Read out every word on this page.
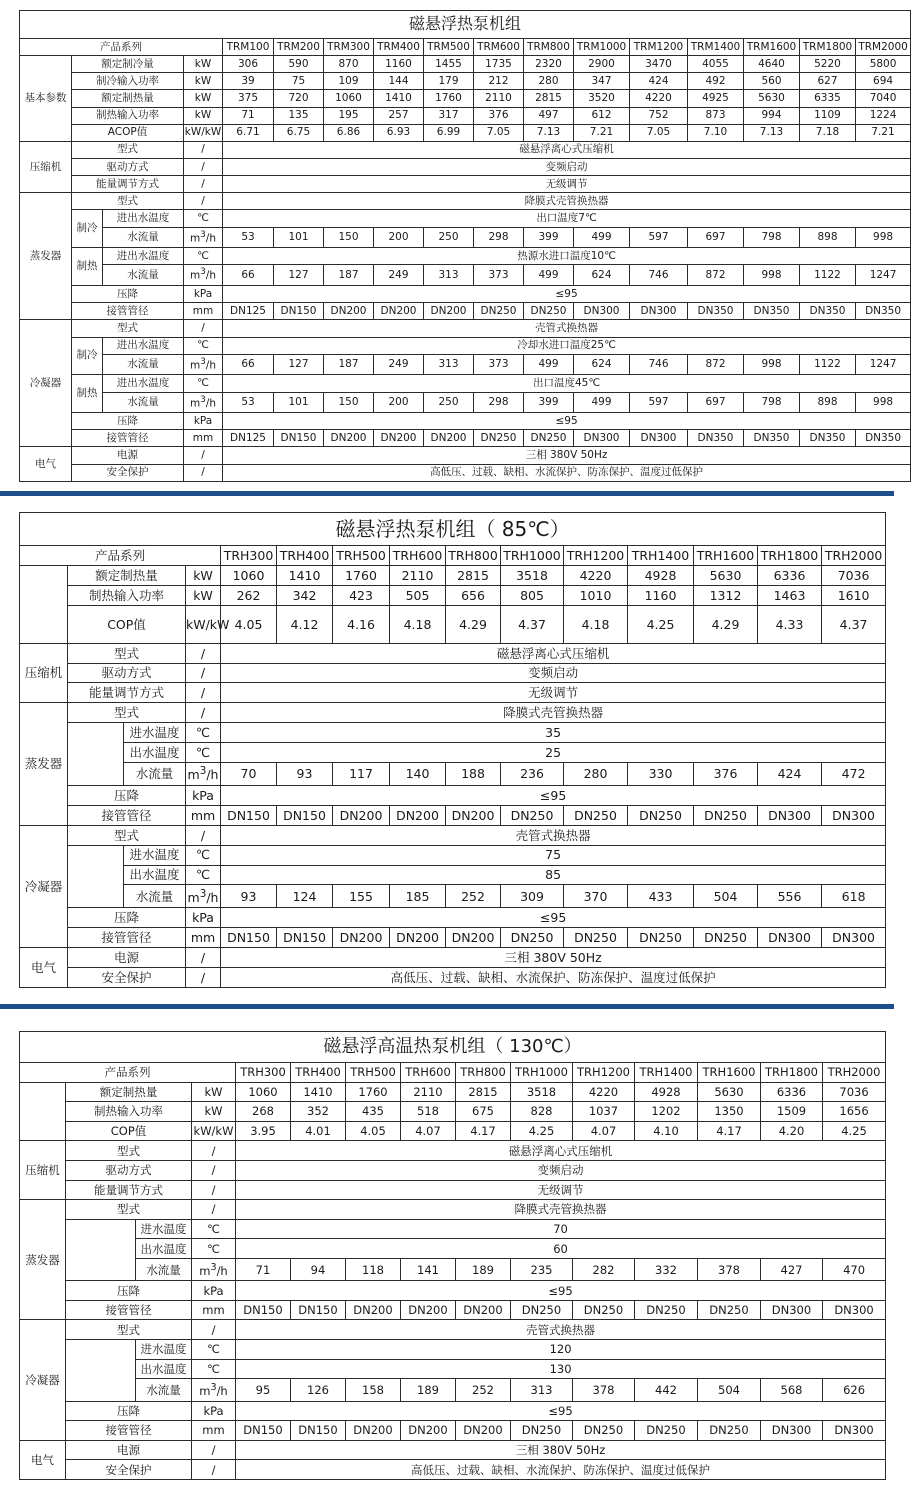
磁悬浮热泵机组																
产品系列				TRM100	TRM200	TRM300	TRM400	TRM500	TRM600	TRM800	TRM1000	TRM1200	TRM1400	TRM1600	TRM1800	TRM2000
基本参数	额定制冷量		kW	306	590	870	1160	1455	1735	2320	2900	3470	4055	4640	5220	5800
	制冷输入功率		kW	39	75	109	144	179	212	280	347	424	492	560	627	694
	额定制热量		kW	375	720	1060	1410	1760	2110	2815	3520	4220	4925	5630	6335	7040
	制热输入功率		kW	71	135	195	257	317	376	497	612	752	873	994	1109	1224
	ACOP值		kW/kW	6.71	6.75	6.86	6.93	6.99	7.05	7.13	7.21	7.05	7.10	7.13	7.18	7.21
压缩机	型式		/	磁悬浮离心式压缩机												
	驱动方式		/	变频启动												
	能量调节方式		/	无级调节												
蒸发器	型式		/	降膜式壳管换热器												
	制冷	进出水温度	℃	出口温度7℃												
		水流量	$m^3/h$	53	101	150	200	250	298	399	499	597	697	798	898	998
	制热	进出水温度	℃	热源水进口温度10℃												
		水流量	$m^3/h$	66	127	187	249	313	373	499	624	746	872	998	1122	1247
	压降		kPa	≤95												
	接管管径		mm	DN125	DN150	DN200	DN200	DN200	DN250	DN250	DN300	DN300	DN350	DN350	DN350	DN350
冷凝器	型式		/	壳管式换热器												
	制冷	进出水温度	℃	冷却水进口温度25℃												
		水流量	$m^3/h$	66	127	187	249	313	373	499	624	746	872	998	1122	1247
	制热	进出水温度	℃	出口温度45℃												
		水流量	$m^3/h$	53	101	150	200	250	298	399	499	597	697	798	898	998
	压降		kPa	≤95												
	接管管径		mm	DN125	DN150	DN200	DN200	DN200	DN250	DN250	DN300	DN300	DN350	DN350	DN350	DN350
电气	电源		/	三相 380V 50Hz												
	安全保护		/	高低压、过载、缺相、水流保护、防冻保护、温度过低保护												
磁悬浮热泵机组（ 85℃）														
产品系列				TRH300	TRH400	TRH500	TRH600	TRH800	TRH1000	TRH1200	TRH1400	TRH1600	TRH1800	TRH2000
	额定制热量		kW	1060	1410	1760	2110	2815	3518	4220	4928	5630	6336	7036
	制热输入功率		kW	262	342	423	505	656	805	1010	1160	1312	1463	1610
	COP值		kW/kW	4.05	4.12	4.16	4.18	4.29	4.37	4.18	4.25	4.29	4.33	4.37
压缩机	型式		/	磁悬浮离心式压缩机										
	驱动方式		/	变频启动										
	能量调节方式		/	无级调节										
蒸发器	型式		/	降膜式壳管换热器										
		进水温度	℃	35										
		出水温度	℃	25										
		水流量	$m^3/h$	70	93	117	140	188	236	280	330	376	424	472
	压降		kPa	≤95										
	接管管径		mm	DN150	DN150	DN200	DN200	DN200	DN250	DN250	DN250	DN250	DN300	DN300
冷凝器	型式		/	壳管式换热器										
		进水温度	℃	75										
		出水温度	℃	85										
		水流量	$m^3/h$	93	124	155	185	252	309	370	433	504	556	618
	压降		kPa	≤95										
	接管管径		mm	DN150	DN150	DN200	DN200	DN200	DN250	DN250	DN250	DN250	DN300	DN300
电气	电源		/	三相 380V 50Hz										
	安全保护		/	高低压、过载、缺相、水流保护、防冻保护、温度过低保护										
磁悬浮高温热泵机组（ 130℃）														
产品系列				TRH300	TRH400	TRH500	TRH600	TRH800	TRH1000	TRH1200	TRH1400	TRH1600	TRH1800	TRH2000
	额定制热量		kW	1060	1410	1760	2110	2815	3518	4220	4928	5630	6336	7036
	制热输入功率		kW	268	352	435	518	675	828	1037	1202	1350	1509	1656
	COP值		kW/kW	3.95	4.01	4.05	4.07	4.17	4.25	4.07	4.10	4.17	4.20	4.25
压缩机	型式		/	磁悬浮离心式压缩机										
	驱动方式		/	变频启动										
	能量调节方式		/	无级调节										
蒸发器	型式		/	降膜式壳管换热器										
		进水温度	℃	70										
		出水温度	℃	60										
		水流量	$m^3/h$	71	94	118	141	189	235	282	332	378	427	470
	压降		kPa	≤95										
	接管管径		mm	DN150	DN150	DN200	DN200	DN200	DN250	DN250	DN250	DN250	DN300	DN300
冷凝器	型式		/	壳管式换热器										
		进水温度	℃	120										
		出水温度	℃	130										
		水流量	$m^3/h$	95	126	158	189	252	313	378	442	504	568	626
	压降		kPa	≤95										
	接管管径		mm	DN150	DN150	DN200	DN200	DN200	DN250	DN250	DN250	DN250	DN300	DN300
电气	电源		/	三相 380V 50Hz										
	安全保护		/	高低压、过载、缺相、水流保护、防冻保护、温度过低保护										
